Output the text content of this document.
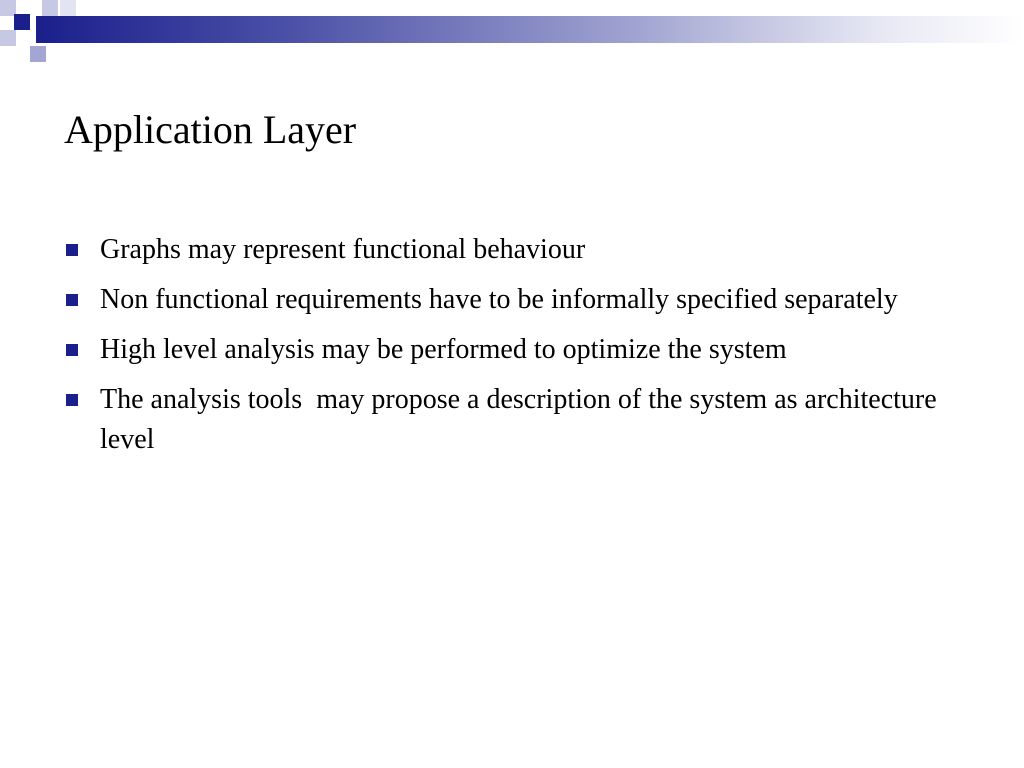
Application Layer
Graphs may represent functional behaviour
Non functional requirements have to be informally specified separately
High level analysis may be performed to optimize the system
The analysis tools  may propose a description of the system as architecture level
